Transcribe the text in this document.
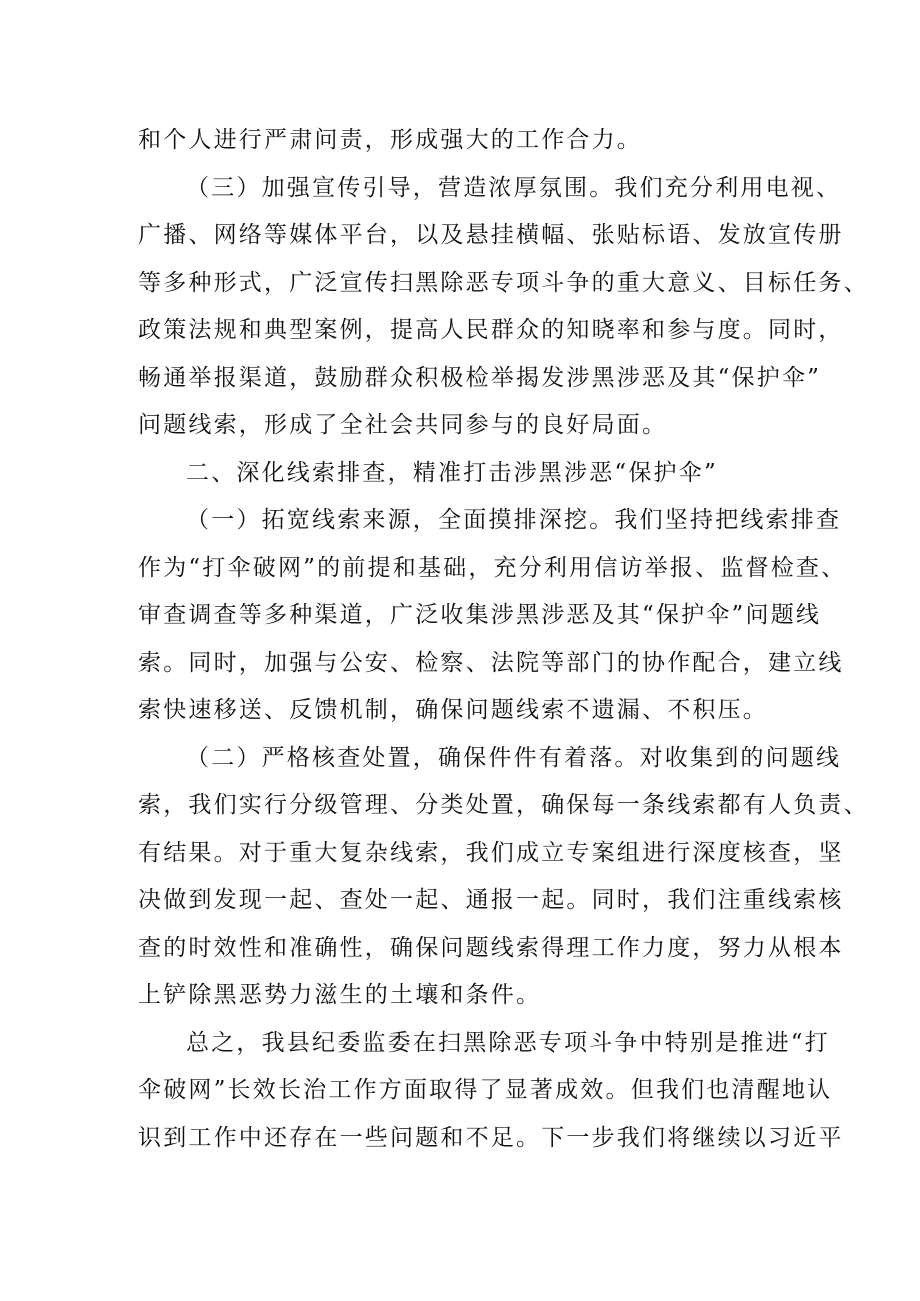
和个人进行严肃问责，形成强大的工作合力。
（三）加强宣传引导，营造浓厚氛围。我们充分利用电视、
广播、网络等媒体平台，以及悬挂横幅、张贴标语、发放宣传册
等多种形式，广泛宣传扫黑除恶专项斗争的重大意义、目标任务、
政策法规和典型案例，提高人民群众的知晓率和参与度。同时，
畅通举报渠道，鼓励群众积极检举揭发涉黑涉恶及其“保护伞”
问题线索，形成了全社会共同参与的良好局面。
二、深化线索排查，精准打击涉黑涉恶“保护伞”
（一）拓宽线索来源，全面摸排深挖。我们坚持把线索排查
作为“打伞破网”的前提和基础，充分利用信访举报、监督检查、
审查调查等多种渠道，广泛收集涉黑涉恶及其“保护伞”问题线
索。同时，加强与公安、检察、法院等部门的协作配合，建立线
索快速移送、反馈机制，确保问题线索不遗漏、不积压。
（二）严格核查处置，确保件件有着落。对收集到的问题线
索，我们实行分级管理、分类处置，确保每一条线索都有人负责、
有结果。对于重大复杂线索，我们成立专案组进行深度核查，坚
决做到发现一起、查处一起、通报一起。同时，我们注重线索核
查的时效性和准确性，确保问题线索得理工作力度，努力从根本
上铲除黑恶势力滋生的土壤和条件。
总之，我县纪委监委在扫黑除恶专项斗争中特别是推进“打
伞破网”长效长治工作方面取得了显著成效。但我们也清醒地认
识到工作中还存在一些问题和不足。下一步我们将继续以习近平
